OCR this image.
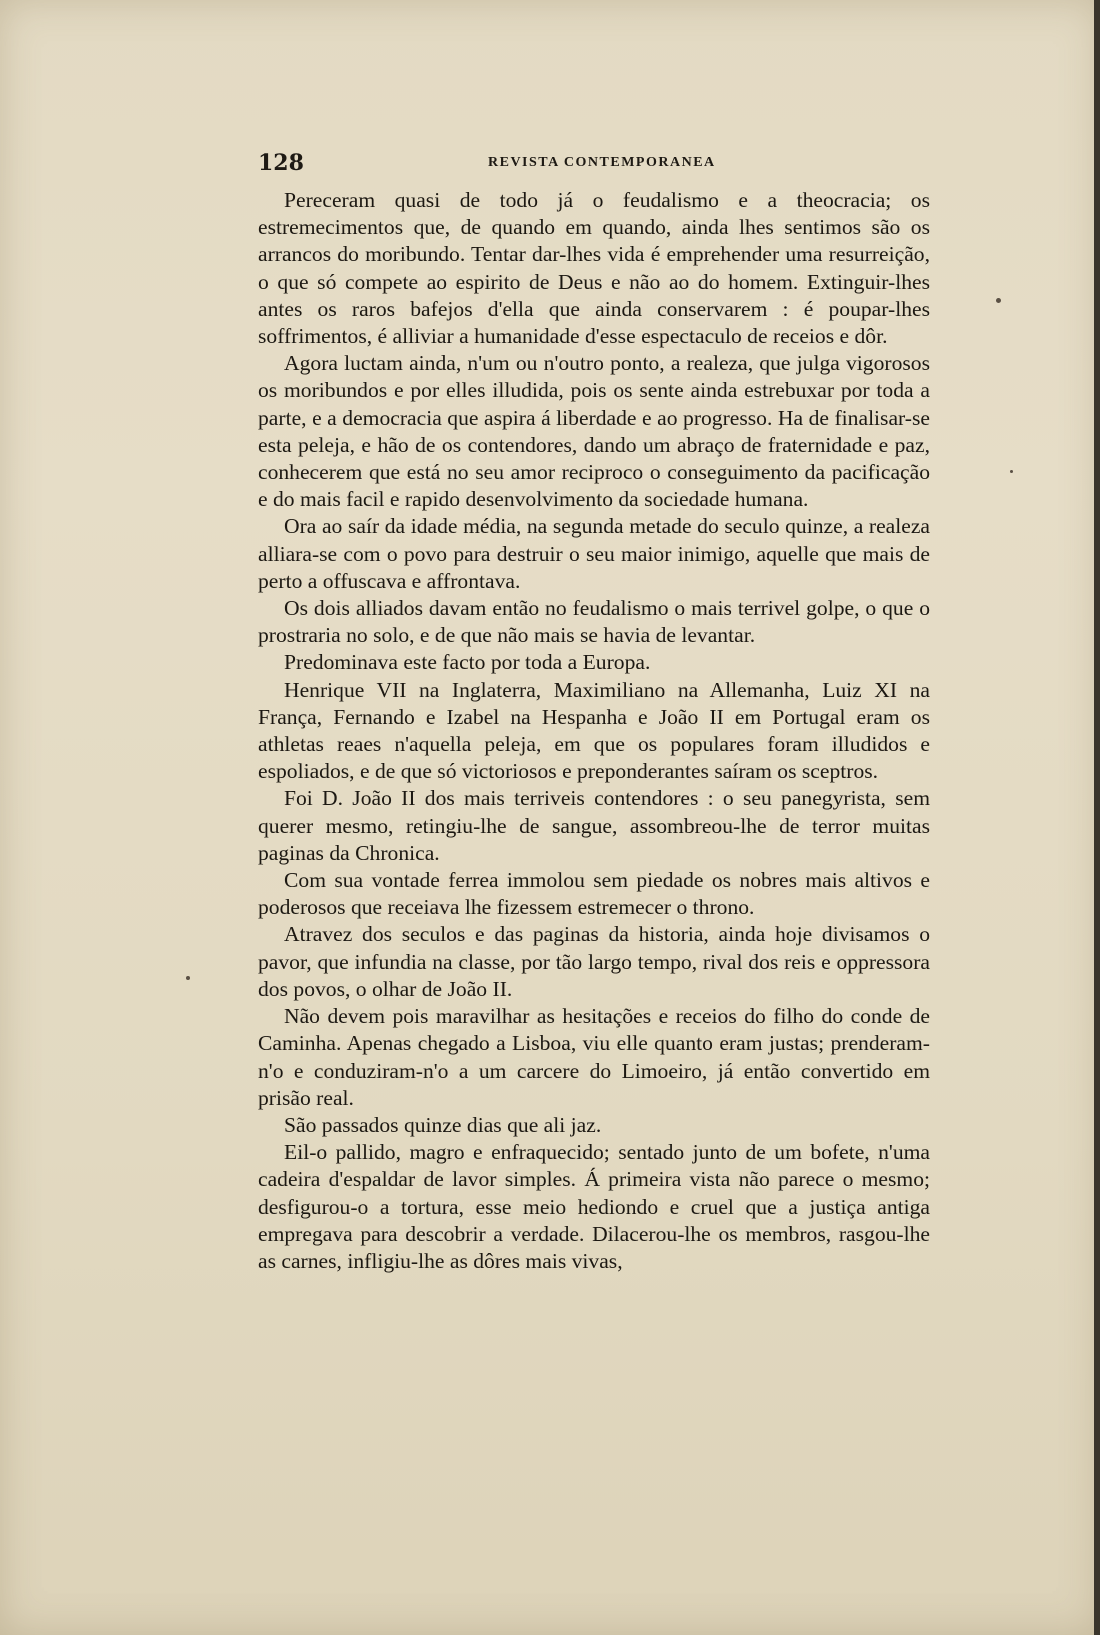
128	REVISTA CONTEMPORANEA

Pereceram quasi de todo já o feudalismo e a theocracia; os estremecimentos que, de quando em quando, ainda lhes sentimos são os arrancos do moribundo. Tentar dar-lhes vida é emprehender uma resurreição, o que só compete ao espirito de Deus e não ao do homem. Extinguir-lhes antes os raros bafejos d'ella que ainda conservarem : é poupar-lhes soffrimentos, é alliviar a humanidade d'esse espectaculo de receios e dôr.

Agora luctam ainda, n'um ou n'outro ponto, a realeza, que julga vigorosos os moribundos e por elles illudida, pois os sente ainda estrebuxar por toda a parte, e a democracia que aspira á liberdade e ao progresso. Ha de finalisar-se esta peleja, e hão de os contendores, dando um abraço de fraternidade e paz, conhecerem que está no seu amor reciproco o conseguimento da pacificação e do mais facil e rapido desenvolvimento da sociedade humana.

Ora ao saír da idade média, na segunda metade do seculo quinze, a realeza alliara-se com o povo para destruir o seu maior inimigo, aquelle que mais de perto a offuscava e affrontava.

Os dois alliados davam então no feudalismo o mais terrivel golpe, o que o prostraria no solo, e de que não mais se havia de levantar.

Predominava este facto por toda a Europa.

Henrique VII na Inglaterra, Maximiliano na Allemanha, Luiz XI na França, Fernando e Izabel na Hespanha e João II em Portugal eram os athletas reaes n'aquella peleja, em que os populares foram illudidos e espoliados, e de que só victoriosos e preponderantes saíram os sceptros.

Foi D. João II dos mais terriveis contendores : o seu panegyrista, sem querer mesmo, retingiu-lhe de sangue, assombreou-lhe de terror muitas paginas da Chronica.

Com sua vontade ferrea immolou sem piedade os nobres mais altivos e poderosos que receiava lhe fizessem estremecer o throno.

Atravez dos seculos e das paginas da historia, ainda hoje divisamos o pavor, que infundia na classe, por tão largo tempo, rival dos reis e oppressora dos povos, o olhar de João II.

Não devem pois maravilhar as hesitações e receios do filho do conde de Caminha. Apenas chegado a Lisboa, viu elle quanto eram justas; prenderam-n'o e conduziram-n'o a um carcere do Limoeiro, já então convertido em prisão real.

São passados quinze dias que ali jaz.

Eil-o pallido, magro e enfraquecido; sentado junto de um bofete, n'uma cadeira d'espaldar de lavor simples. Á primeira vista não parece o mesmo; desfigurou-o a tortura, esse meio hediondo e cruel que a justiça antiga empregava para descobrir a verdade. Dilacerou-lhe os membros, rasgou-lhe as carnes, infligiu-lhe as dôres mais vivas,
